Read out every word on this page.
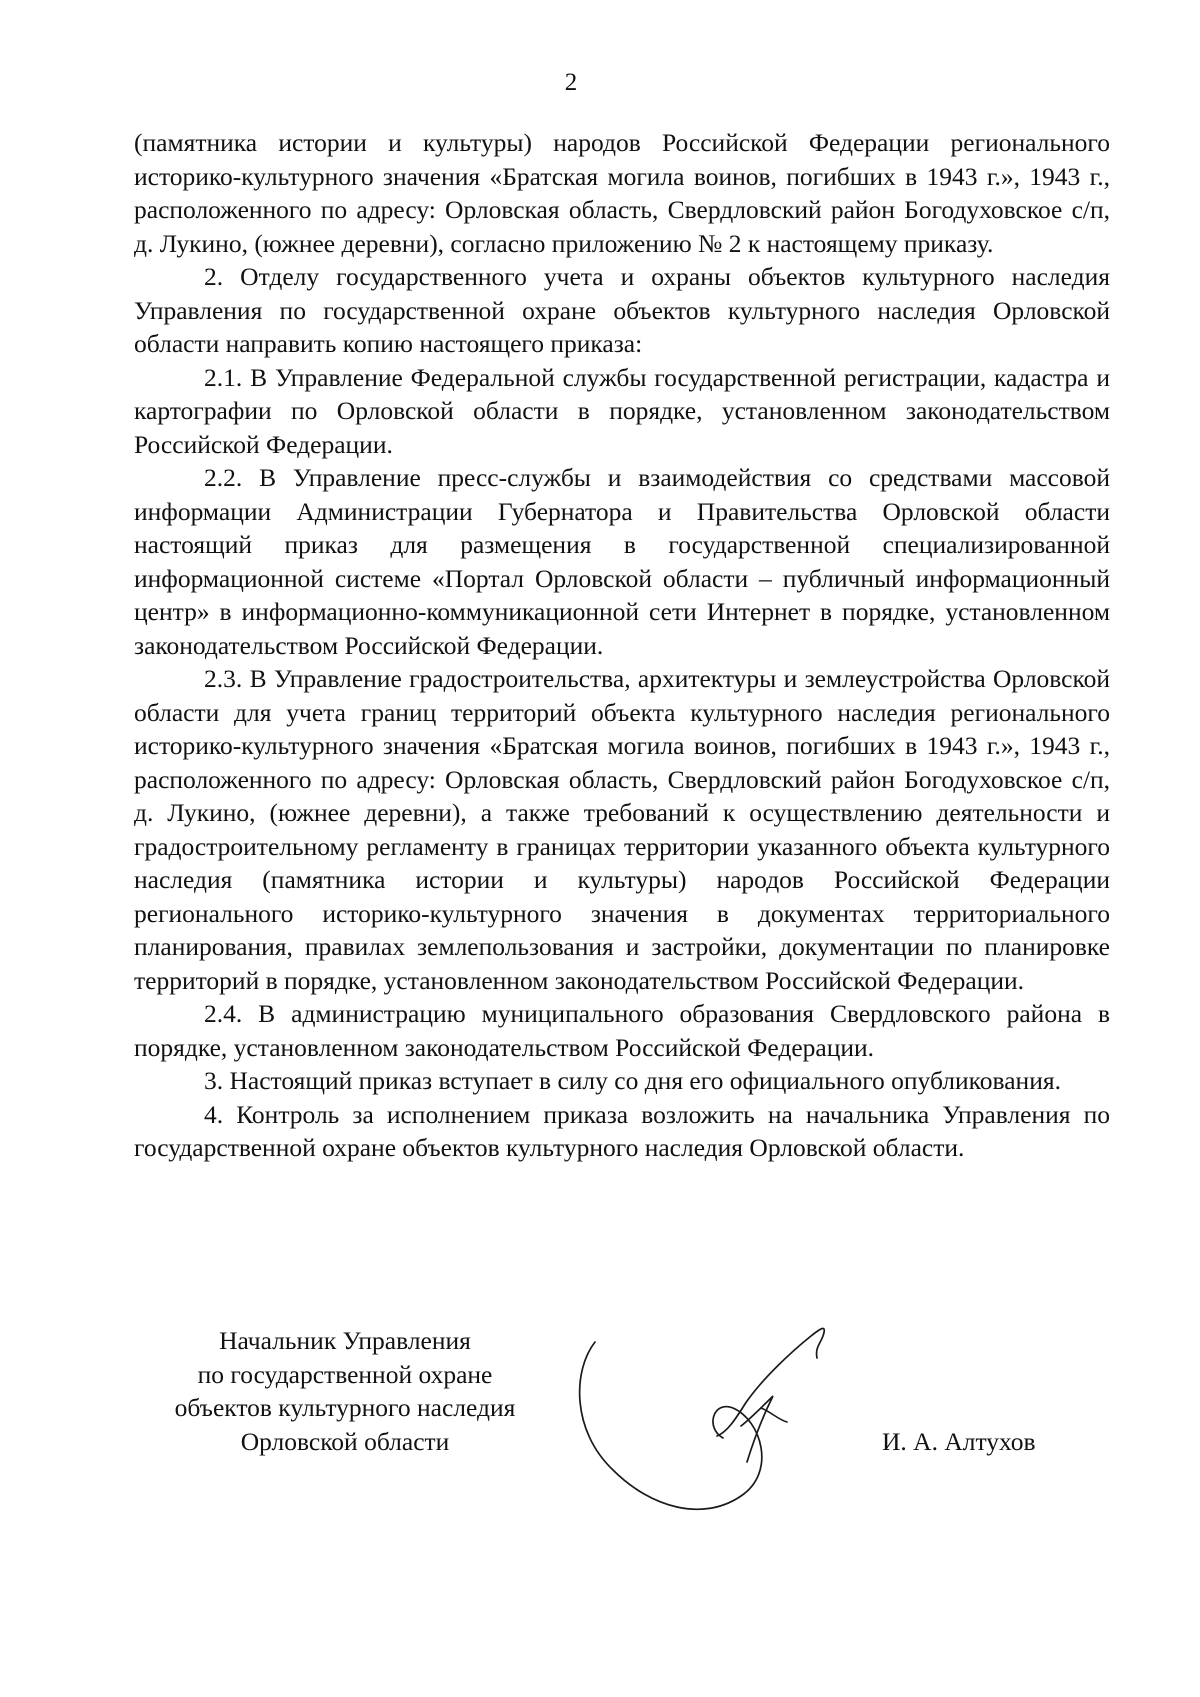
2

(памятника истории и культуры) народов Российской Федерации регионального историко-культурного значения «Братская могила воинов, погибших в 1943 г.», 1943 г., расположенного по адресу: Орловская область, Свердловский район Богодуховское с/п, д. Лукино, (южнее деревни), согласно приложению № 2 к настоящему приказу.

2. Отделу государственного учета и охраны объектов культурного наследия Управления по государственной охране объектов культурного наследия Орловской области направить копию настоящего приказа:

2.1. В Управление Федеральной службы государственной регистрации, кадастра и картографии по Орловской области в порядке, установленном законодательством Российской Федерации.

2.2. В Управление пресс-службы и взаимодействия со средствами массовой информации Администрации Губернатора и Правительства Орловской области настоящий приказ для размещения в государственной специализированной информационной системе «Портал Орловской области – публичный информационный центр» в информационно-коммуникационной сети Интернет в порядке, установленном законодательством Российской Федерации.

2.3. В Управление градостроительства, архитектуры и землеустройства Орловской области для учета границ территорий объекта культурного наследия регионального историко-культурного значения «Братская могила воинов, погибших в 1943 г.», 1943 г., расположенного по адресу: Орловская область, Свердловский район Богодуховское с/п, д. Лукино, (южнее деревни), а также требований к осуществлению деятельности и градостроительному регламенту в границах территории указанного объекта культурного наследия (памятника истории и культуры) народов Российской Федерации регионального историко-культурного значения в документах территориального планирования, правилах землепользования и застройки, документации по планировке территорий в порядке, установленном законодательством Российской Федерации.

2.4. В администрацию муниципального образования Свердловского района в порядке, установленном законодательством Российской Федерации.

3. Настоящий приказ вступает в силу со дня его официального опубликования.

4. Контроль за исполнением приказа возложить на начальника Управления по государственной охране объектов культурного наследия Орловской области.

Начальник Управления
по государственной охране
объектов культурного наследия
Орловской области	И. А. Алтухов
